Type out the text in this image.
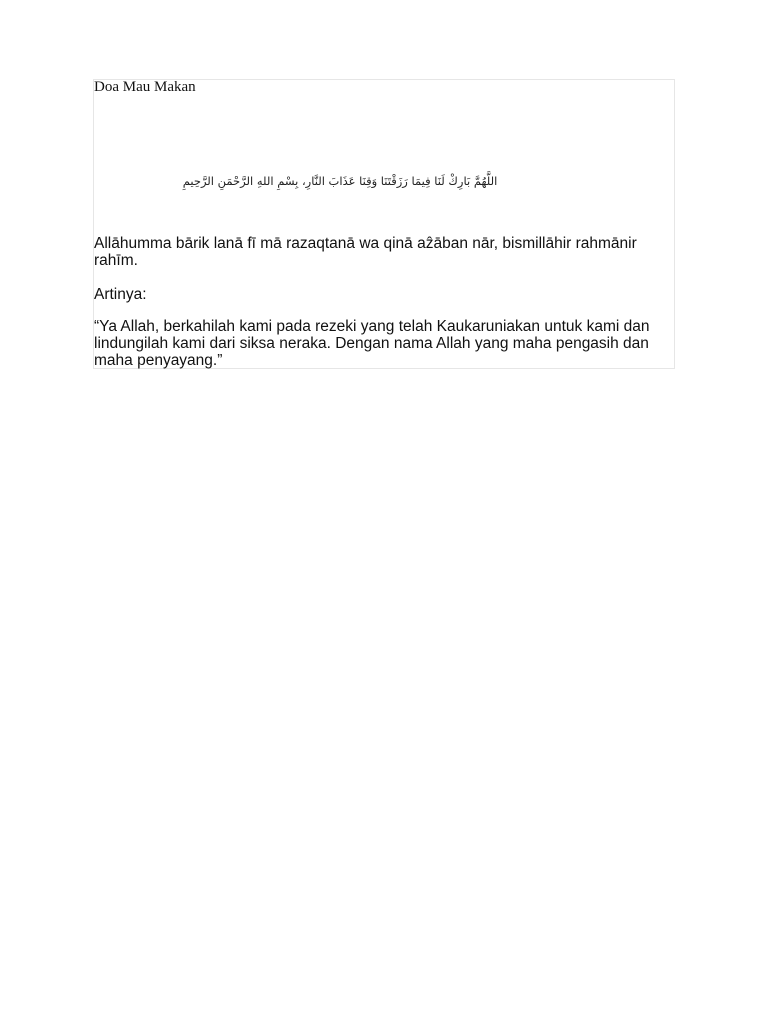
Doa Mau Makan
اللَّهُمَّ بَارِكْ لَنَا فِيمَا رَزَقْتَنَا وَقِنَا عَذَابَ النَّارِ، بِسْمِ اللهِ الرَّحْمَنِ الرَّحِيمِ
Allāhumma bārik lanā fī mā razaqtanā wa qinā aẑāban nār, bismillāhir rahmānir rahīm.
Artinya:
“Ya Allah, berkahilah kami pada rezeki yang telah Kaukaruniakan untuk kami dan lindungilah kami dari siksa neraka. Dengan nama Allah yang maha pengasih dan maha penyayang.”
